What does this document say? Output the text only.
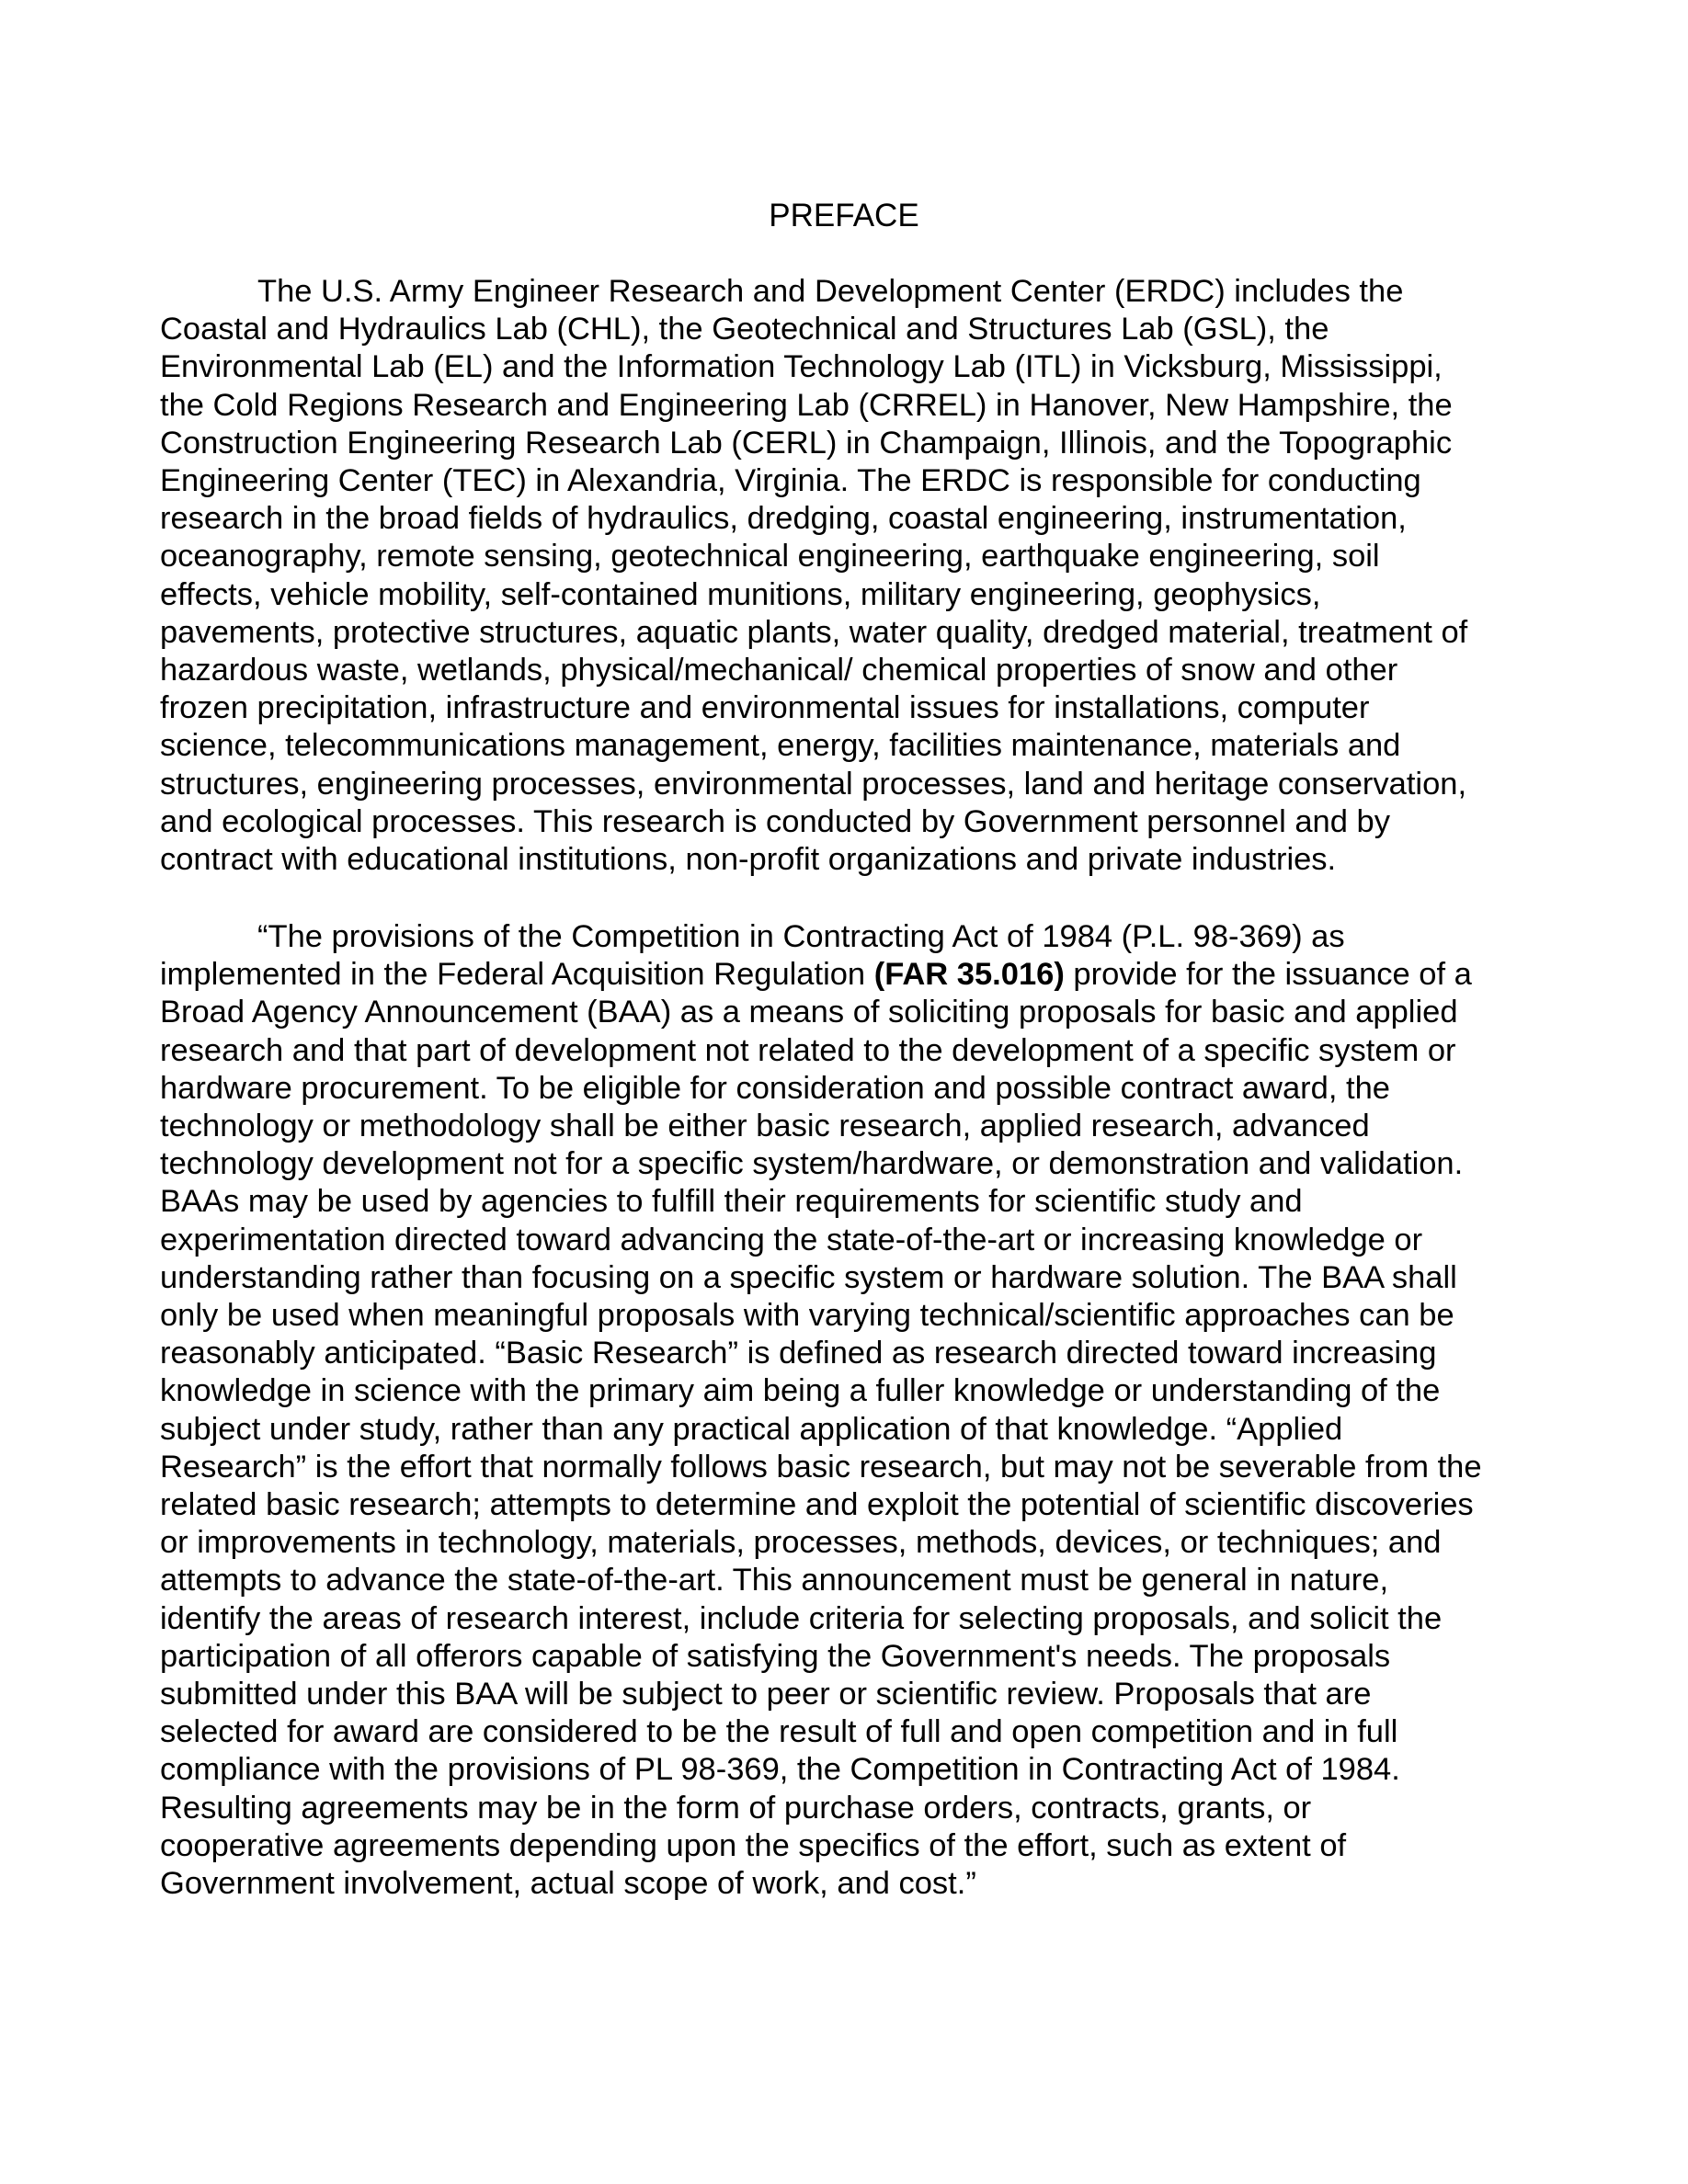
PREFACE
The U.S. Army Engineer Research and Development Center (ERDC) includes the
Coastal and Hydraulics Lab (CHL), the Geotechnical and Structures Lab (GSL), the
Environmental Lab (EL) and the Information Technology Lab (ITL) in Vicksburg, Mississippi,
the Cold Regions Research and Engineering Lab (CRREL) in Hanover, New Hampshire, the
Construction Engineering Research Lab (CERL) in Champaign, Illinois, and the Topographic
Engineering Center (TEC) in Alexandria, Virginia. The ERDC is responsible for conducting
research in the broad fields of hydraulics, dredging, coastal engineering, instrumentation,
oceanography, remote sensing, geotechnical engineering, earthquake engineering, soil
effects, vehicle mobility, self-contained munitions, military engineering, geophysics,
pavements, protective structures, aquatic plants, water quality, dredged material, treatment of
hazardous waste, wetlands, physical/mechanical/ chemical properties of snow and other
frozen precipitation, infrastructure and environmental issues for installations, computer
science, telecommunications management, energy, facilities maintenance, materials and
structures, engineering processes, environmental processes, land and heritage conservation,
and ecological processes. This research is conducted by Government personnel and by
contract with educational institutions, non-profit organizations and private industries.
“The provisions of the Competition in Contracting Act of 1984 (P.L. 98-369) as
implemented in the Federal Acquisition Regulation (FAR 35.016) provide for the issuance of a
Broad Agency Announcement (BAA) as a means of soliciting proposals for basic and applied
research and that part of development not related to the development of a specific system or
hardware procurement. To be eligible for consideration and possible contract award, the
technology or methodology shall be either basic research, applied research, advanced
technology development not for a specific system/hardware, or demonstration and validation.
BAAs may be used by agencies to fulfill their requirements for scientific study and
experimentation directed toward advancing the state-of-the-art or increasing knowledge or
understanding rather than focusing on a specific system or hardware solution. The BAA shall
only be used when meaningful proposals with varying technical/scientific approaches can be
reasonably anticipated. “Basic Research” is defined as research directed toward increasing
knowledge in science with the primary aim being a fuller knowledge or understanding of the
subject under study, rather than any practical application of that knowledge. “Applied
Research” is the effort that normally follows basic research, but may not be severable from the
related basic research; attempts to determine and exploit the potential of scientific discoveries
or improvements in technology, materials, processes, methods, devices, or techniques; and
attempts to advance the state-of-the-art. This announcement must be general in nature,
identify the areas of research interest, include criteria for selecting proposals, and solicit the
participation of all offerors capable of satisfying the Government's needs. The proposals
submitted under this BAA will be subject to peer or scientific review. Proposals that are
selected for award are considered to be the result of full and open competition and in full
compliance with the provisions of PL 98-369, the Competition in Contracting Act of 1984.
Resulting agreements may be in the form of purchase orders, contracts, grants, or
cooperative agreements depending upon the specifics of the effort, such as extent of
Government involvement, actual scope of work, and cost.”
